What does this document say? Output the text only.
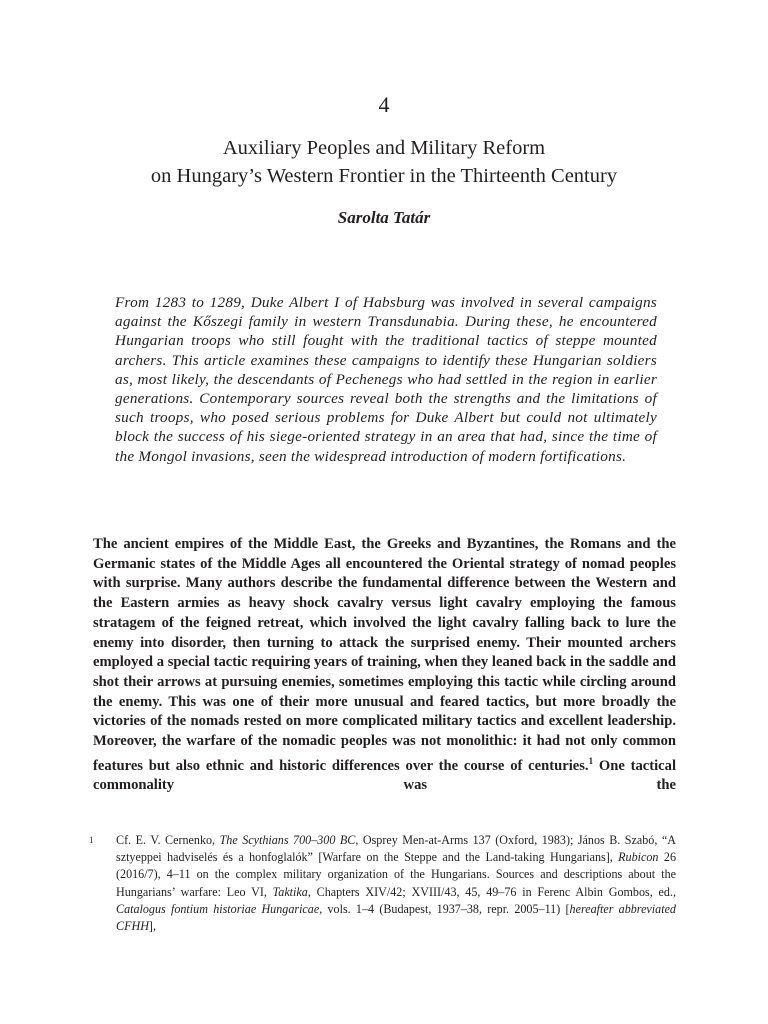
4
Auxiliary Peoples and Military Reform
on Hungary’s Western Frontier in the Thirteenth Century
Sarolta Tatár
From 1283 to 1289, Duke Albert I of Habsburg was involved in several campaigns against the Kőszegi family in western Transdunabia. During these, he encountered Hungarian troops who still fought with the traditional tactics of steppe mounted archers. This article examines these campaigns to identify these Hungarian soldiers as, most likely, the descendants of Pechenegs who had settled in the region in earlier generations. Contemporary sources reveal both the strengths and the limitations of such troops, who posed serious problems for Duke Albert but could not ultimately block the success of his siege-oriented strategy in an area that had, since the time of the Mongol invasions, seen the widespread introduction of modern fortifications.
The ancient empires of the Middle East, the Greeks and Byzantines, the Romans and the Germanic states of the Middle Ages all encountered the Oriental strategy of nomad peoples with surprise. Many authors describe the fundamental difference between the Western and the Eastern armies as heavy shock cavalry versus light cavalry employing the famous stratagem of the feigned retreat, which involved the light cavalry falling back to lure the enemy into disorder, then turning to attack the surprised enemy. Their mounted archers employed a special tactic requiring years of training, when they leaned back in the saddle and shot their arrows at pursuing enemies, sometimes employing this tactic while circling around the enemy. This was one of their more unusual and feared tactics, but more broadly the victories of the nomads rested on more complicated military tactics and excellent leadership. Moreover, the warfare of the nomadic peoples was not monolithic: it had not only common features but also ethnic and historic differences over the course of centuries.$^1$ One tactical commonality was the
1 Cf. E. V. Cernenko, The Scythians 700–300 BC, Osprey Men-at-Arms 137 (Oxford, 1983); János B. Szabó, “A sztyeppei hadviselés és a honfoglalók” [Warfare on the Steppe and the Land-taking Hungarians], Rubicon 26 (2016/7), 4–11 on the complex military organization of the Hungarians. Sources and descriptions about the Hungarians’ warfare: Leo VI, Taktika, Chapters XIV/42; XVIII/43, 45, 49–76 in Ferenc Albin Gombos, ed., Catalogus fontium historiae Hungaricae, vols. 1–4 (Budapest, 1937–38, repr. 2005–11) [hereafter abbreviated CFHH],
